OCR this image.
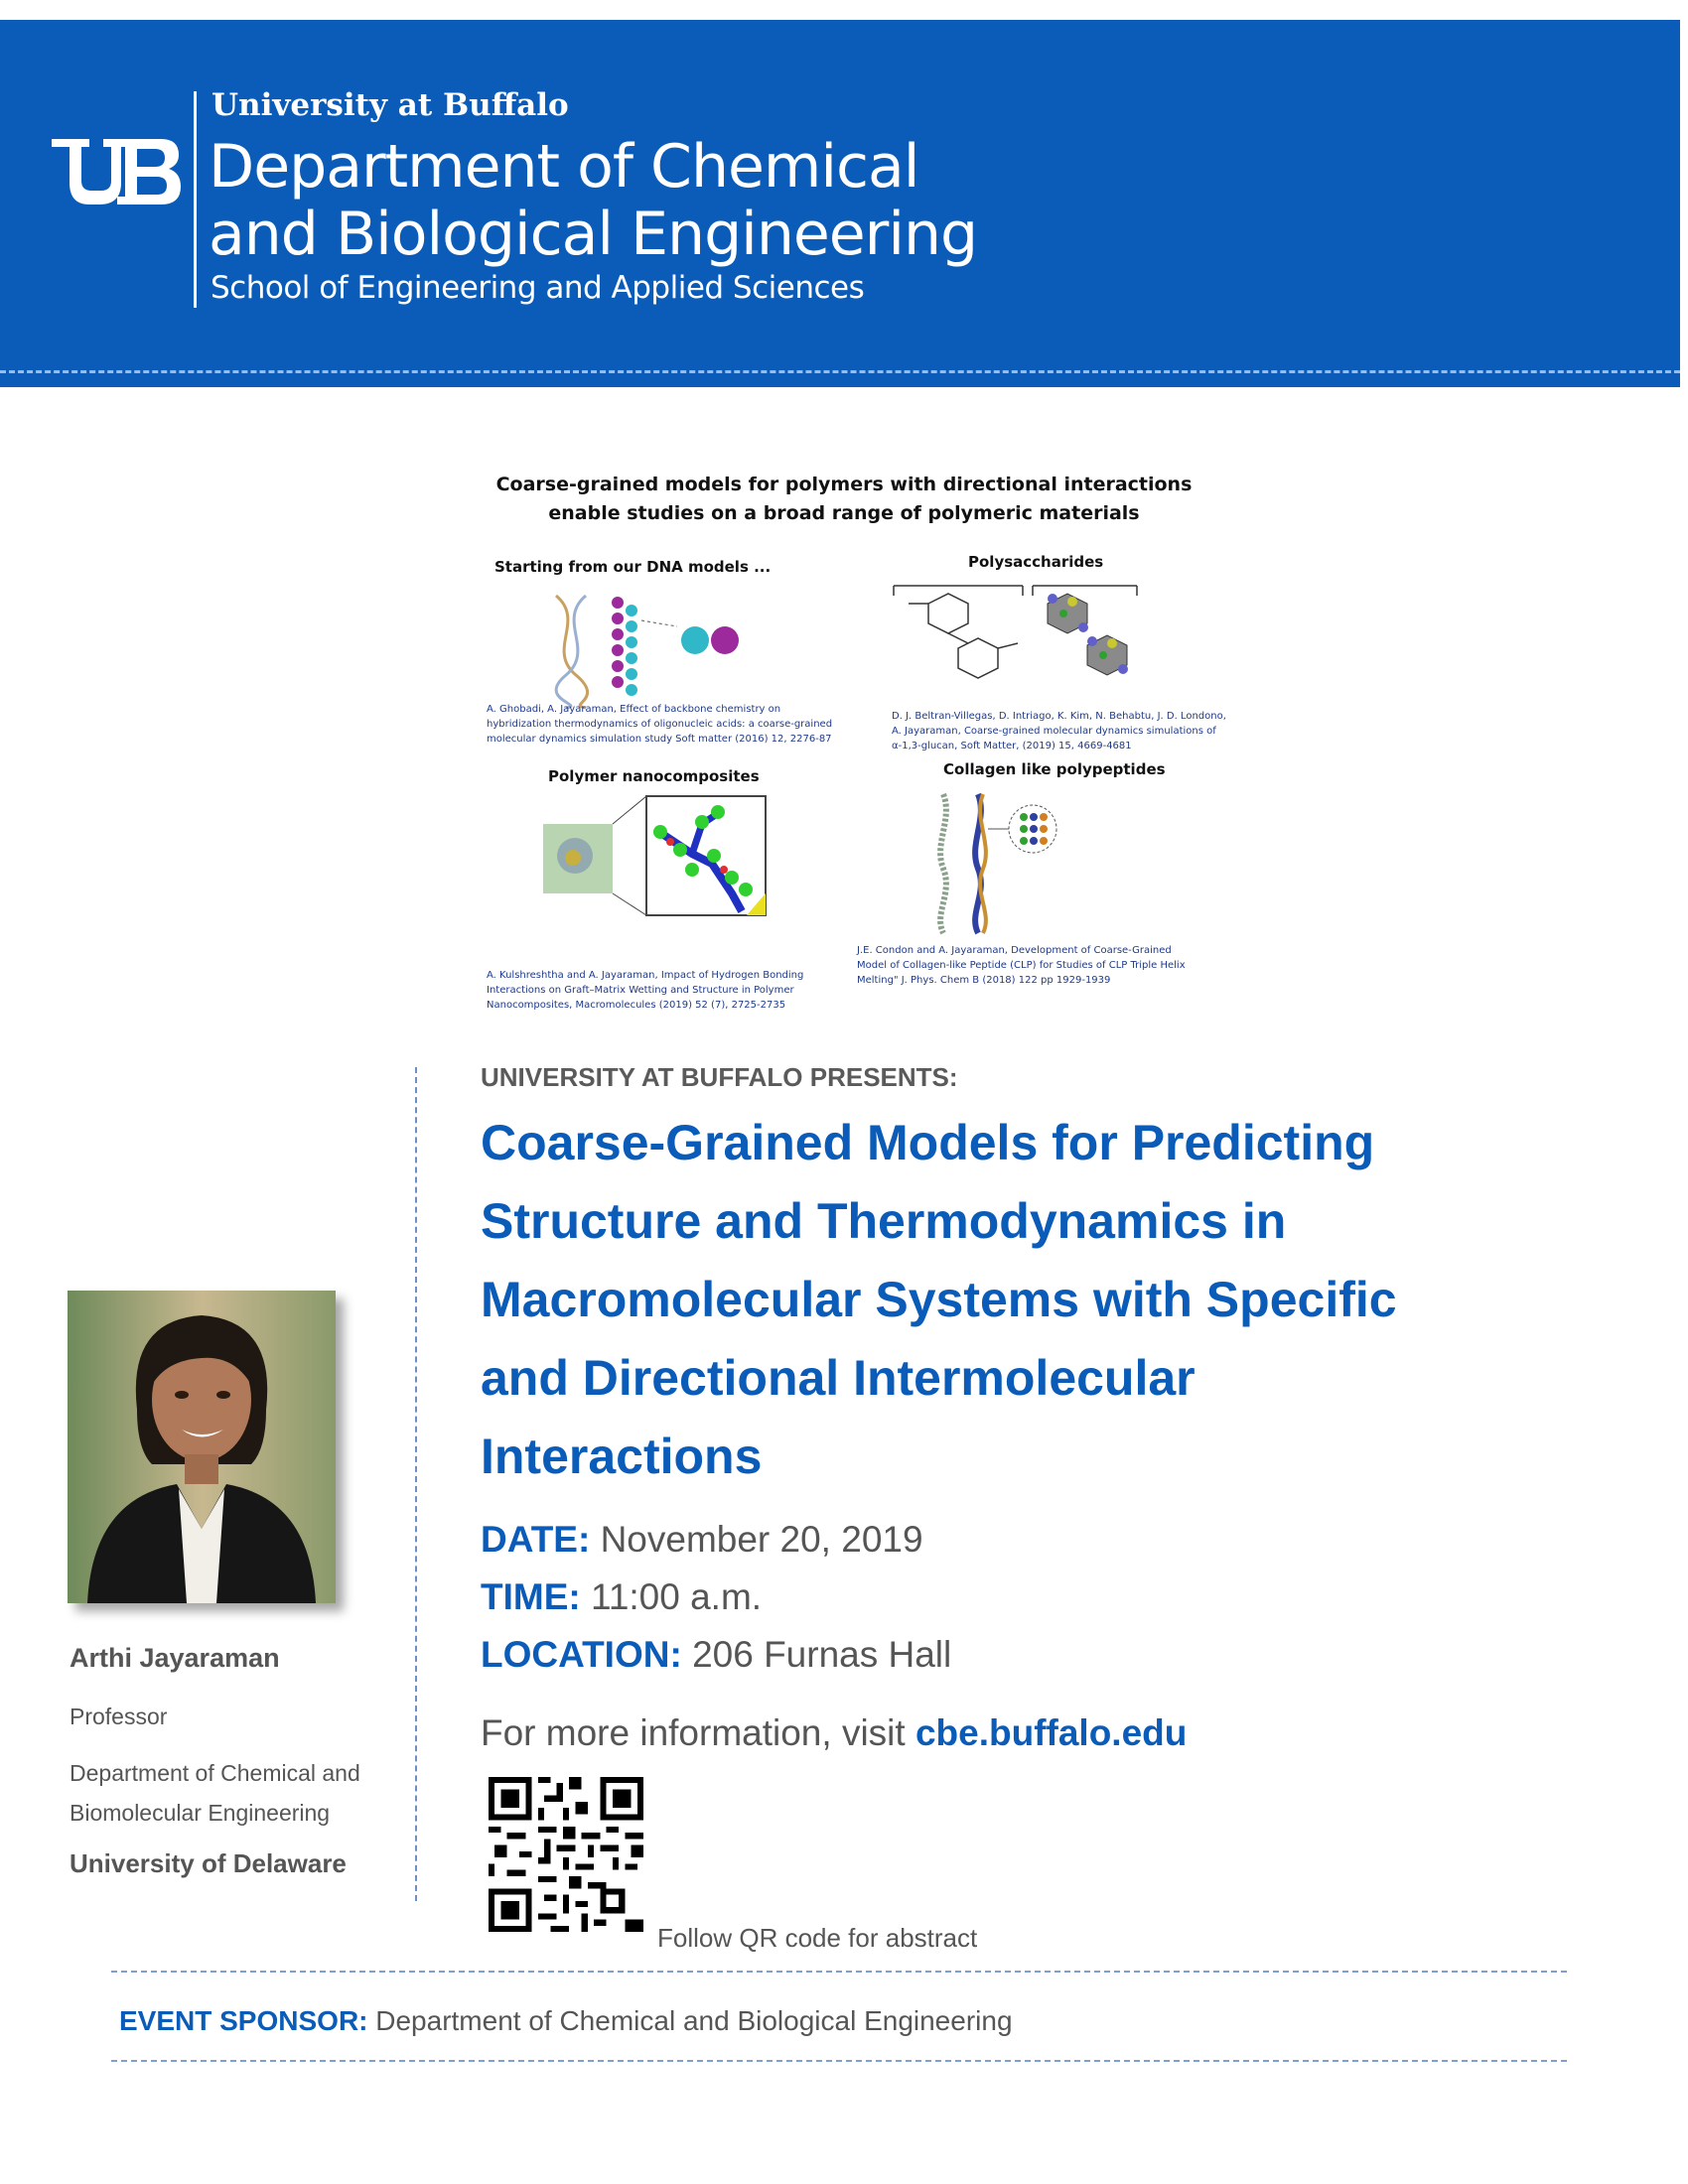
University at Buffalo
Department of Chemical
and Biological Engineering
School of Engineering and Applied Sciences
Coarse-grained models for polymers with directional interactions
enable studies on a broad range of polymeric materials
Starting from our DNA models ...
A. Ghobadi, A. Jayaraman, Effect of backbone chemistry on
hybridization thermodynamics of oligonucleic acids: a coarse-grained
molecular dynamics simulation study Soft matter (2016) 12, 2276-87
Polysaccharides
D. J. Beltran-Villegas, D. Intriago, K. Kim, N. Behabtu, J. D. Londono,
A. Jayaraman, Coarse-grained molecular dynamics simulations of
α-1,3-glucan, Soft Matter, (2019) 15, 4669-4681
Polymer nanocomposites
A. Kulshreshtha and A. Jayaraman, Impact of Hydrogen Bonding
Interactions on Graft–Matrix Wetting and Structure in Polymer
Nanocomposites, Macromolecules (2019) 52 (7), 2725-2735
Collagen like polypeptides
J.E. Condon and A. Jayaraman, Development of Coarse-Grained
Model of Collagen-like Peptide (CLP) for Studies of CLP Triple Helix
Melting" J. Phys. Chem B (2018) 122 pp 1929-1939
Arthi Jayaraman
Professor
Department of Chemical and
Biomolecular Engineering
University of Delaware
UNIVERSITY AT BUFFALO PRESENTS:
Coarse-Grained Models for Predicting
Structure and Thermodynamics in
Macromolecular Systems with Specific
and Directional Intermolecular
Interactions
DATE: November 20, 2019
TIME: 11:00 a.m.
LOCATION: 206 Furnas Hall
For more information, visit cbe.buffalo.edu
Follow QR code for abstract
EVENT SPONSOR: Department of Chemical and Biological Engineering
